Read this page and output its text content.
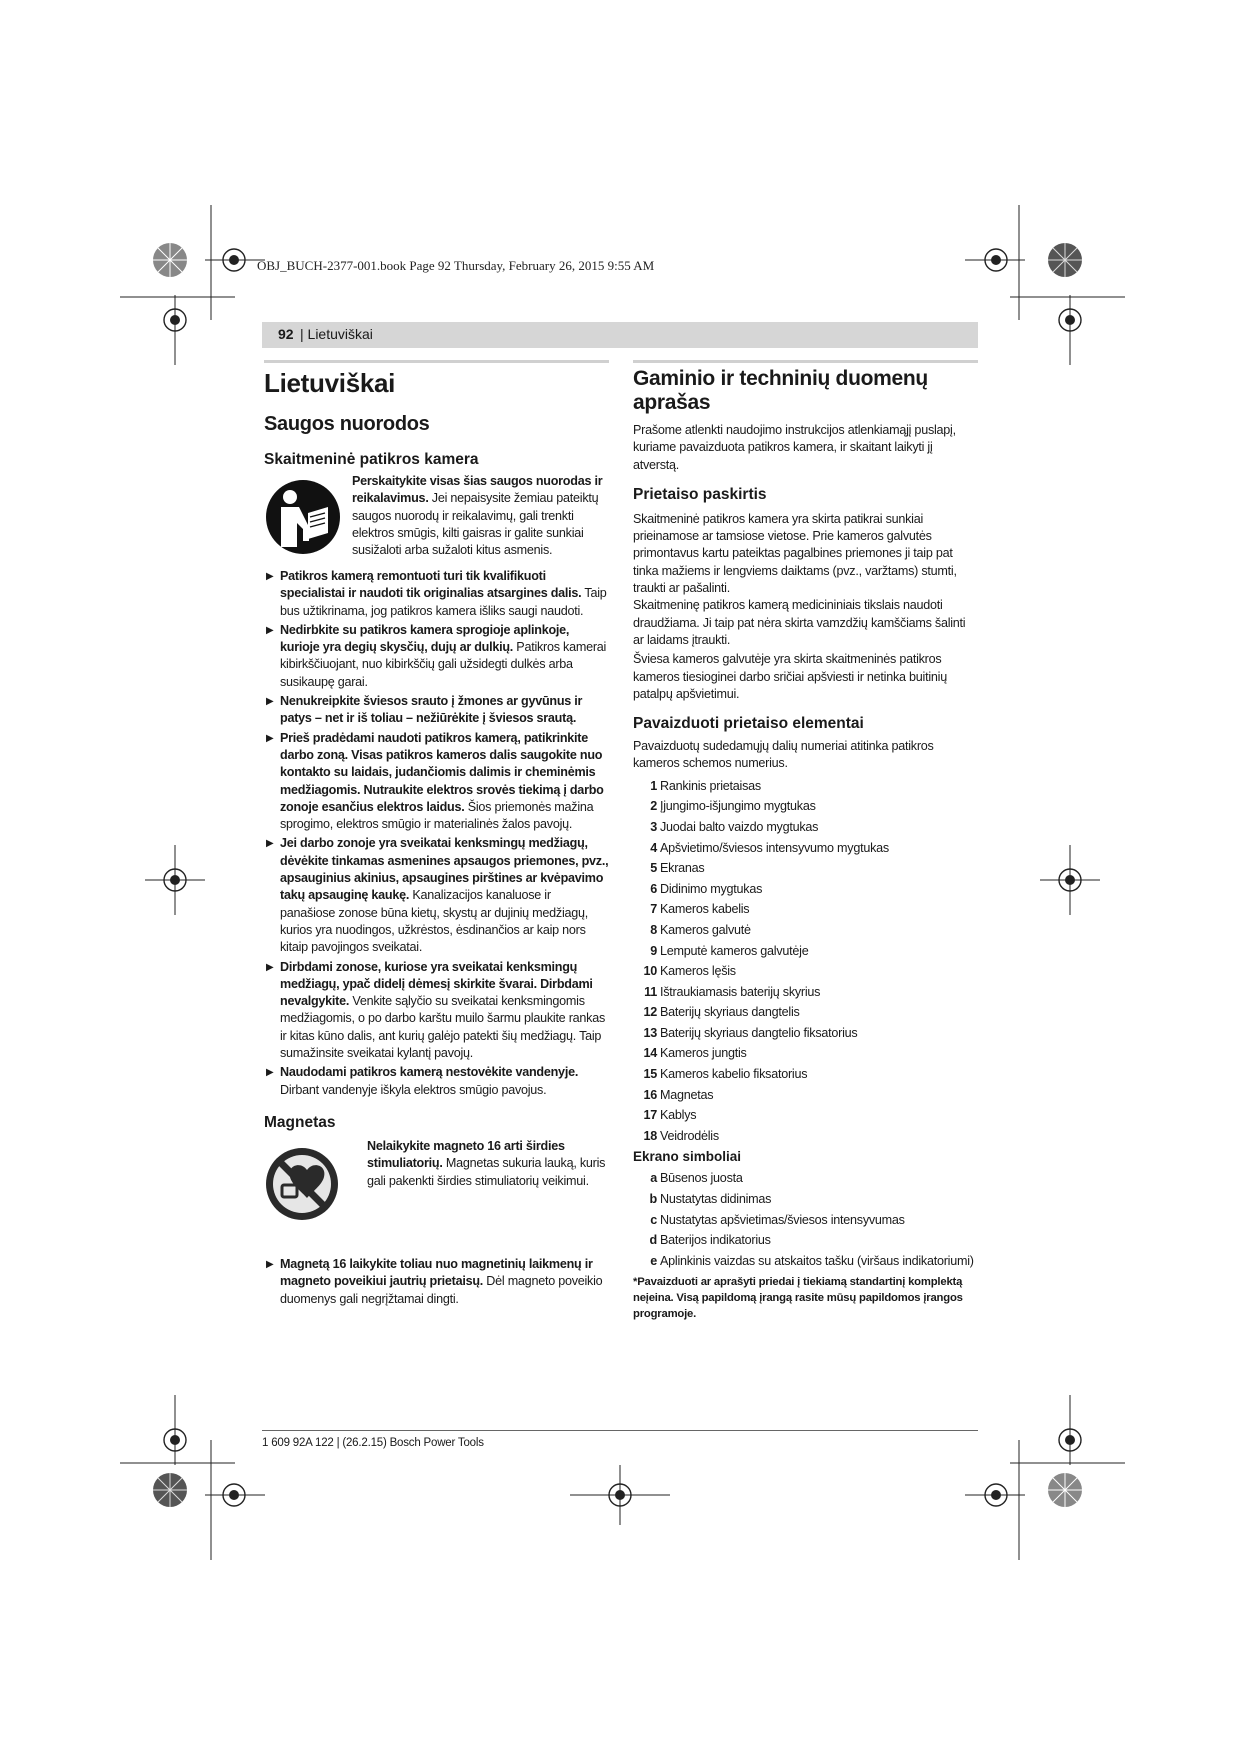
OBJ_BUCH-2377-001.book Page 92 Thursday, February 26, 2015 9:55 AM
92 | Lietuviškai
Lietuviškai
Saugos nuorodos
Skaitmeninė patikros kamera

Perskaitykite visas šias saugos nuorodas ir reikalavimus. Jei nepaisysite žemiau pateiktų saugos nuorodų ir reikalavimų, gali trenkti elektros smūgis, kilti gaisras ir galite sunkiai susižaloti arba sužaloti kitus asmenis.

▶ Patikros kamerą remontuoti turi tik kvalifikuoti specialistai ir naudoti tik originalias atsargines dalis. Taip bus užtikrinama, jog patikros kamera išliks saugi naudoti.
▶ Nedirbkite su patikros kamera sprogioje aplinkoje, kurioje yra degių skysčių, dujų ar dulkių. Patikros kamerai kibirkščiuojant, nuo kibirkščių gali užsidegti dulkės arba susikaupę garai.
▶ Nenukreipkite šviesos srauto į žmones ar gyvūnus ir patys – net ir iš toliau – nežiūrėkite į šviesos srautą.
▶ Prieš pradėdami naudoti patikros kamerą, patikrinkite darbo zoną. Visas patikros kameros dalis saugokite nuo kontakto su laidais, judančiomis dalimis ir cheminėmis medžiagomis. Nutraukite elektros srovės tiekimą į darbo zonoje esančius elektros laidus. Šios priemonės mažina sprogimo, elektros smūgio ir materialinės žalos pavojų.
▶ Jei darbo zonoje yra sveikatai kenksmingų medžiagų, dėvėkite tinkamas asmenines apsaugos priemones, pvz., apsauginius akinius, apsaugines pirštines ar kvėpavimo takų apsauginę kaukę. Kanalizacijos kanaluose ir panašiose zonose būna kietų, skystų ar dujinių medžiagų, kurios yra nuodingos, užkrėstos, ėsdinančios ar kaip nors kitaip pavojingos sveikatai.
▶ Dirbdami zonose, kuriose yra sveikatai kenksmingų medžiagų, ypač didelį dėmesį skirkite švarai. Dirbdami nevalgykite. Venkite sąlyčio su sveikatai kenksmingomis medžiagomis, o po darbo karštu muilo šarmu plaukite rankas ir kitas kūno dalis, ant kurių galėjo patekti šių medžiagų. Taip sumažinsite sveikatai kylantį pavojų.
▶ Naudodami patikros kamerą nestovėkite vandenyje. Dirbant vandenyje iškyla elektros smūgio pavojus.
Magnetas

Nelaikykite magneto 16 arti širdies stimuliatorių. Magnetas sukuria lauką, kuris gali pakenkti širdies stimuliatorių veikimui.

▶ Magnetą 16 laikykite toliau nuo magnetinių laikmenų ir magneto poveikiui jautrių prietaisų. Dėl magneto poveikio duomenys gali negrįžtamai dingti.
Gaminio ir techninių duomenų aprašas

Prašome atlenkti naudojimo instrukcijos atlenkiamąjį puslapį, kuriame pavaizduota patikros kamera, ir skaitant laikyti jį atverstą.

Prietaiso paskirtis

Skaitmeninė patikros kamera yra skirta patikrai sunkiai prieinamose ar tamsiose vietose. Prie kameros galvutės primontavus kartu pateiktas pagalbines priemones ji taip pat tinka mažiems ir lengviems daiktams (pvz., varžtams) stumti, traukti ar pašalinti.

Skaitmeninę patikros kamerą medicininiais tikslais naudoti draudžiama. Ji taip pat nėra skirta vamzdžių kamščiams šalinti ar laidams įtraukti.

Šviesa kameros galvutėje yra skirta skaitmeninės patikros kameros tiesioginei darbo sričiai apšviesti ir netinka buitinių patalpų apšvietimui.

Pavaizduoti prietaiso elementai

Pavaizduotų sudedamųjų dalių numeriai atitinka patikros kameros schemos numerius.

1 Rankinis prietaisas
2 Įjungimo-išjungimo mygtukas
3 Juodai balto vaizdo mygtukas
4 Apšvietimo/šviesos intensyvumo mygtukas
5 Ekranas
6 Didinimo mygtukas
7 Kameros kabelis
8 Kameros galvutė
9 Lemputė kameros galvutėje
10 Kameros lęšis
11 Ištraukiamasis baterijų skyrius
12 Baterijų skyriaus dangtelis
13 Baterijų skyriaus dangtelio fiksatorius
14 Kameros jungtis
15 Kameros kabelio fiksatorius
16 Magnetas
17 Kablys
18 Veidrodėlis
Ekrano simboliai
a Būsenos juosta
b Nustatytas didinimas
c Nustatytas apšvietimas/šviesos intensyvumas
d Baterijos indikatorius
e Aplinkinis vaizdas su atskaitos tašku (viršaus indikatoriumi)

*Pavaizduoti ar aprašyti priedai į tiekiamą standartinį komplektą neįeina. Visą papildomą įrangą rasite mūsų papildomos įrangos programoje.

1 609 92A 122 | (26.2.15) Bosch Power Tools
